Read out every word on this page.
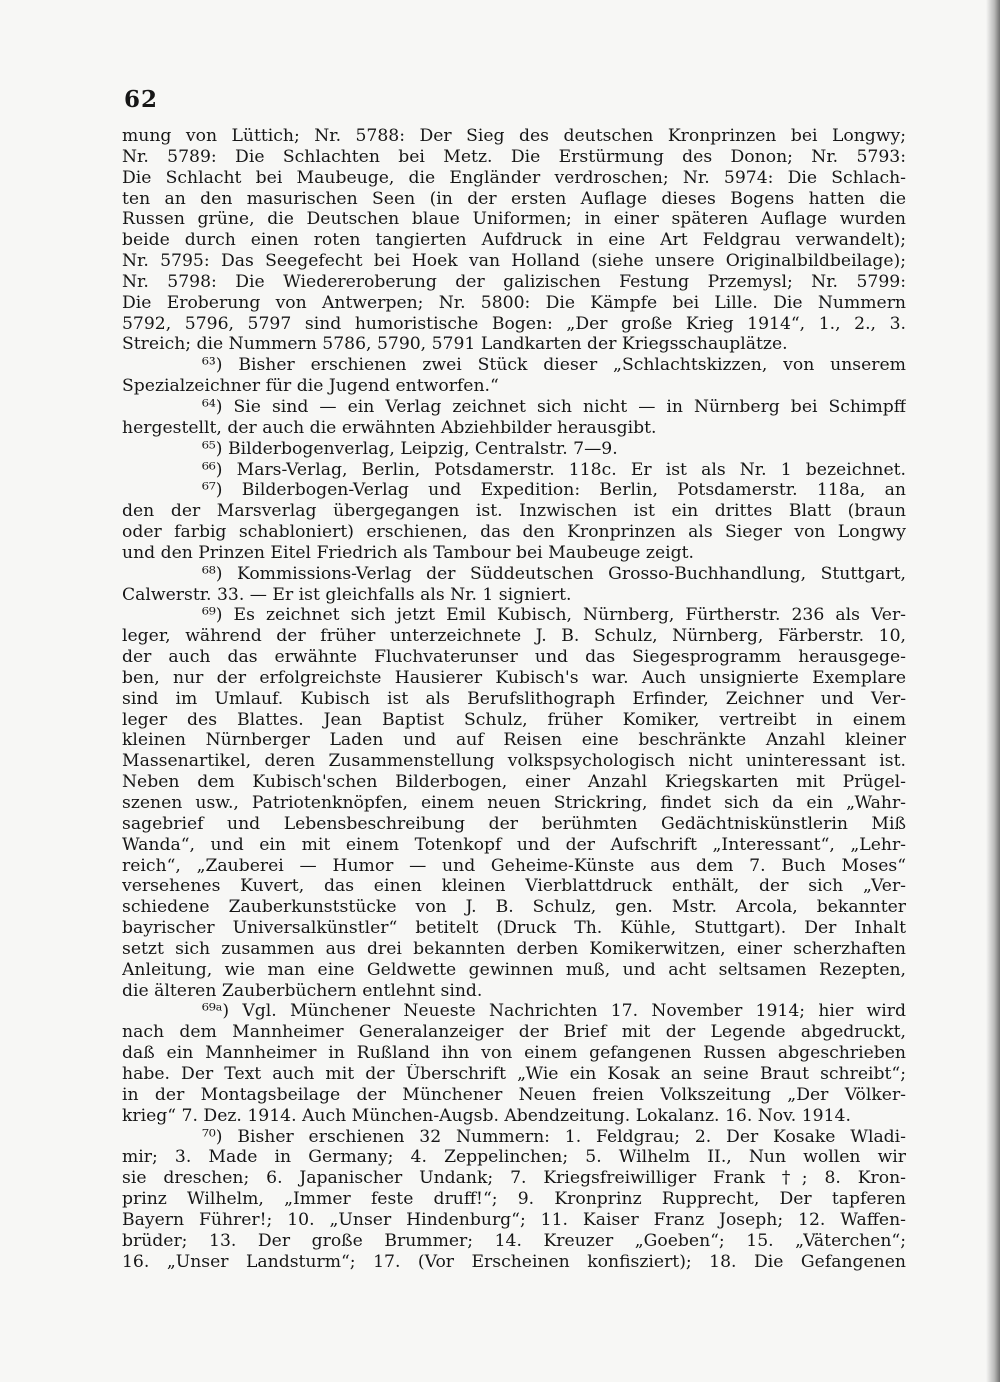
62
mung von Lüttich; Nr. 5788: Der Sieg des deutschen Kronprinzen bei Longwy;
Nr. 5789: Die Schlachten bei Metz. Die Erstürmung des Donon; Nr. 5793:
Die Schlacht bei Maubeuge, die Engländer verdroschen; Nr. 5974: Die Schlach-
ten an den masurischen Seen (in der ersten Auflage dieses Bogens hatten die
Russen grüne, die Deutschen blaue Uniformen; in einer späteren Auflage wurden
beide durch einen roten tangierten Aufdruck in eine Art Feldgrau verwandelt);
Nr. 5795: Das Seegefecht bei Hoek van Holland (siehe unsere Originalbildbeilage);
Nr. 5798: Die Wiedereroberung der galizischen Festung Przemysl; Nr. 5799:
Die Eroberung von Antwerpen; Nr. 5800: Die Kämpfe bei Lille. Die Nummern
5792, 5796, 5797 sind humoristische Bogen: „Der große Krieg 1914“, 1., 2., 3.
Streich; die Nummern 5786, 5790, 5791 Landkarten der Kriegsschauplätze.
⁶³) Bisher erschienen zwei Stück dieser „Schlachtskizzen, von unserem
Spezialzeichner für die Jugend entworfen.“
⁶⁴) Sie sind — ein Verlag zeichnet sich nicht — in Nürnberg bei Schimpff
hergestellt, der auch die erwähnten Abziehbilder herausgibt.
⁶⁵) Bilderbogenverlag, Leipzig, Centralstr. 7—9.
⁶⁶) Mars-Verlag, Berlin, Potsdamerstr. 118c. Er ist als Nr. 1 bezeichnet.
⁶⁷) Bilderbogen-Verlag und Expedition: Berlin, Potsdamerstr. 118a, an
den der Marsverlag übergegangen ist. Inzwischen ist ein drittes Blatt (braun
oder farbig schabloniert) erschienen, das den Kronprinzen als Sieger von Longwy
und den Prinzen Eitel Friedrich als Tambour bei Maubeuge zeigt.
⁶⁸) Kommissions-Verlag der Süddeutschen Grosso-Buchhandlung, Stuttgart,
Calwerstr. 33. — Er ist gleichfalls als Nr. 1 signiert.
⁶⁹) Es zeichnet sich jetzt Emil Kubisch, Nürnberg, Fürtherstr. 236 als Ver-
leger, während der früher unterzeichnete J. B. Schulz, Nürnberg, Färberstr. 10,
der auch das erwähnte Fluchvaterunser und das Siegesprogramm herausgege-
ben, nur der erfolgreichste Hausierer Kubisch's war. Auch unsignierte Exemplare
sind im Umlauf. Kubisch ist als Berufslithograph Erfinder, Zeichner und Ver-
leger des Blattes. Jean Baptist Schulz, früher Komiker, vertreibt in einem
kleinen Nürnberger Laden und auf Reisen eine beschränkte Anzahl kleiner
Massenartikel, deren Zusammenstellung volkspsychologisch nicht uninteressant ist.
Neben dem Kubisch'schen Bilderbogen, einer Anzahl Kriegskarten mit Prügel-
szenen usw., Patriotenknöpfen, einem neuen Strickring, findet sich da ein „Wahr-
sagebrief und Lebensbeschreibung der berühmten Gedächtniskünstlerin Miß
Wanda“, und ein mit einem Totenkopf und der Aufschrift „Interessant“, „Lehr-
reich“, „Zauberei — Humor — und Geheime-Künste aus dem 7. Buch Moses“
versehenes Kuvert, das einen kleinen Vierblattdruck enthält, der sich „Ver-
schiedene Zauberkunststücke von J. B. Schulz, gen. Mstr. Arcola, bekannter
bayrischer Universalkünstler“ betitelt (Druck Th. Kühle, Stuttgart). Der Inhalt
setzt sich zusammen aus drei bekannten derben Komikerwitzen, einer scherzhaften
Anleitung, wie man eine Geldwette gewinnen muß, und acht seltsamen Rezepten,
die älteren Zauberbüchern entlehnt sind.
⁶⁹ᵃ) Vgl. Münchener Neueste Nachrichten 17. November 1914; hier wird
nach dem Mannheimer Generalanzeiger der Brief mit der Legende abgedruckt,
daß ein Mannheimer in Rußland ihn von einem gefangenen Russen abgeschrieben
habe. Der Text auch mit der Überschrift „Wie ein Kosak an seine Braut schreibt“;
in der Montagsbeilage der Münchener Neuen freien Volkszeitung „Der Völker-
krieg“ 7. Dez. 1914. Auch München-Augsb. Abendzeitung. Lokalanz. 16. Nov. 1914.
⁷⁰) Bisher erschienen 32 Nummern: 1. Feldgrau; 2. Der Kosake Wladi-
mir; 3. Made in Germany; 4. Zeppelinchen; 5. Wilhelm II., Nun wollen wir
sie dreschen; 6. Japanischer Undank; 7. Kriegsfreiwilliger Frank †; 8. Kron-
prinz Wilhelm, „Immer feste druff!“; 9. Kronprinz Rupprecht, Der tapferen
Bayern Führer!; 10. „Unser Hindenburg“; 11. Kaiser Franz Joseph; 12. Waffen-
brüder; 13. Der große Brummer; 14. Kreuzer „Goeben“; 15. „Väterchen“;
16. „Unser Landsturm“; 17. (Vor Erscheinen konfisziert); 18. Die Gefangenen
